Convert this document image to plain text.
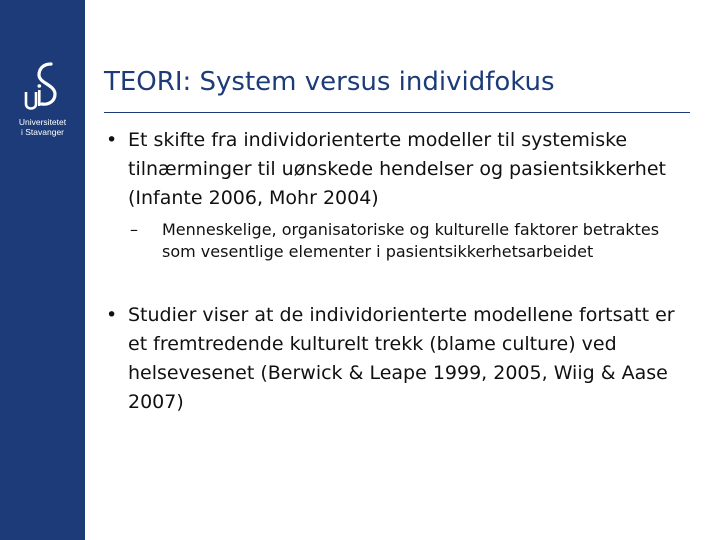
Universitetet
i Stavanger
TEORI: System versus individfokus
• Et skifte fra individorienterte modeller til systemiske tilnærminger til uønskede hendelser og pasientsikkerhet (Infante 2006, Mohr 2004)
– Menneskelige, organisatoriske og kulturelle faktorer betraktes som vesentlige elementer i pasientsikkerhetsarbeidet
• Studier viser at de individorienterte modellene fortsatt er et fremtredende kulturelt trekk (blame culture) ved helsevesenet (Berwick & Leape 1999, 2005, Wiig & Aase 2007)
